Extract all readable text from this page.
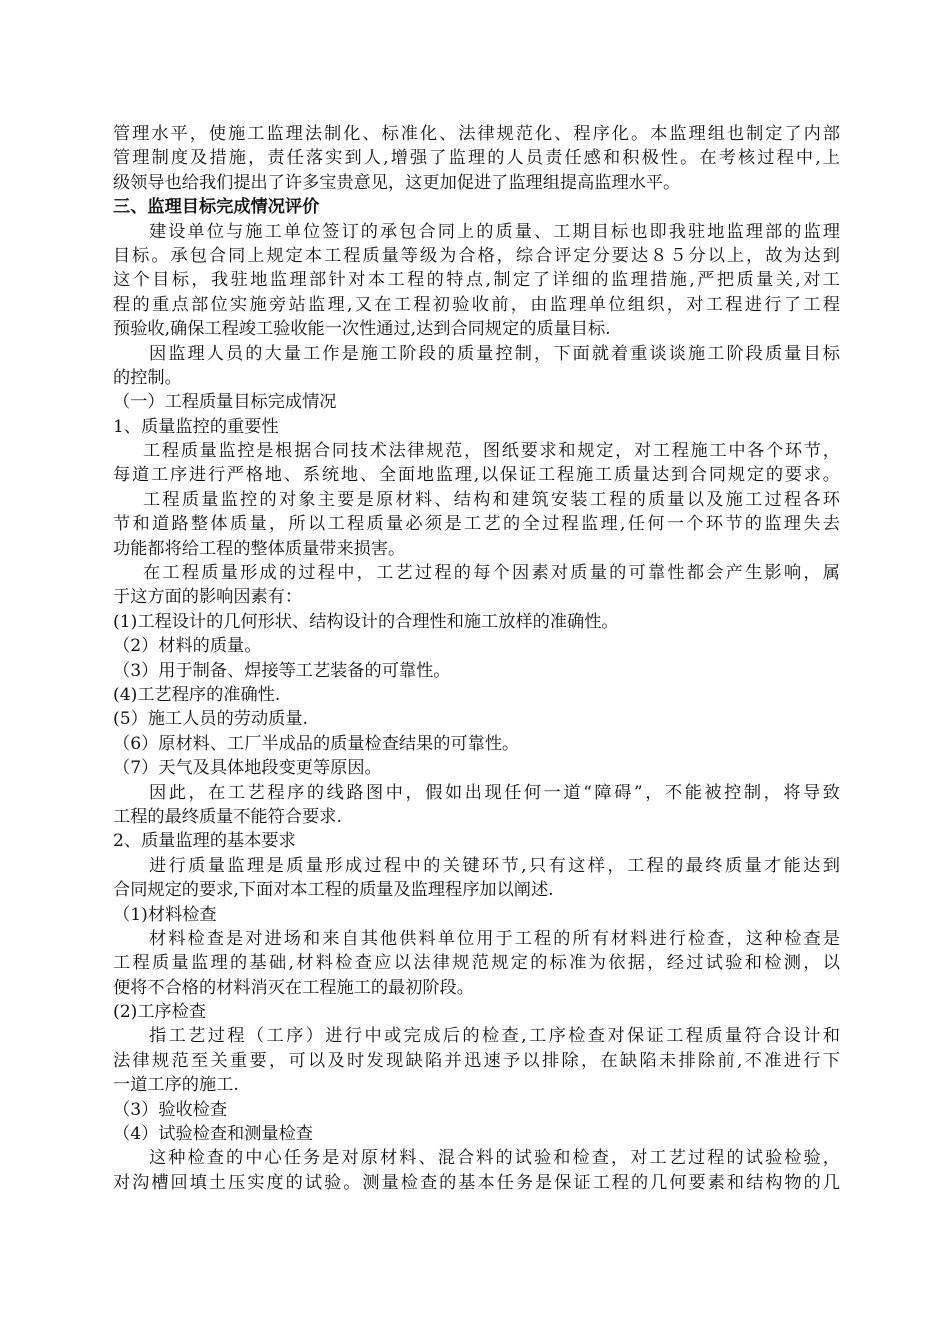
管理水平，使施工监理法制化、标准化、法律规范化、程序化。本监理组也制定了内部
管理制度及措施，责任落实到人,增强了监理的人员责任感和积极性。在考核过程中,上
级领导也给我们提出了许多宝贵意见，这更加促进了监理组提高监理水平。
三、监理目标完成情况评价
建设单位与施工单位签订的承包合同上的质量、工期目标也即我驻地监理部的监理
目标。承包合同上规定本工程质量等级为合格，综合评定分要达８５分以上，故为达到
这个目标，我驻地监理部针对本工程的特点,制定了详细的监理措施,严把质量关,对工
程的重点部位实施旁站监理,又在工程初验收前，由监理单位组织，对工程进行了工程
预验收,确保工程竣工验收能一次性通过,达到合同规定的质量目标.
因监理人员的大量工作是施工阶段的质量控制，下面就着重谈谈施工阶段质量目标
的控制。
（一）工程质量目标完成情况
1、质量监控的重要性
工程质量监控是根据合同技术法律规范，图纸要求和规定，对工程施工中各个环节，
每道工序进行严格地、系统地、全面地监理,以保证工程施工质量达到合同规定的要求。
工程质量监控的对象主要是原材料、结构和建筑安装工程的质量以及施工过程各环
节和道路整体质量，所以工程质量必须是工艺的全过程监理,任何一个环节的监理失去
功能都将给工程的整体质量带来损害。
在工程质量形成的过程中，工艺过程的每个因素对质量的可靠性都会产生影响，属
于这方面的影响因素有：
(1)工程设计的几何形状、结构设计的合理性和施工放样的准确性。
（2）材料的质量。
（3）用于制备、焊接等工艺装备的可靠性。
(4)工艺程序的准确性.
(5）施工人员的劳动质量.
（6）原材料、工厂半成品的质量检查结果的可靠性。
（7）天气及具体地段变更等原因。
因此，在工艺程序的线路图中，假如出现任何一道“障碍”，不能被控制，将导致
工程的最终质量不能符合要求.
2、质量监理的基本要求
进行质量监理是质量形成过程中的关键环节,只有这样，工程的最终质量才能达到
合同规定的要求,下面对本工程的质量及监理程序加以阐述.
（1)材料检查
材料检查是对进场和来自其他供料单位用于工程的所有材料进行检查，这种检查是
工程质量监理的基础,材料检查应以法律规范规定的标准为依据，经过试验和检测，以
便将不合格的材料消灭在工程施工的最初阶段。
(2)工序检查
指工艺过程（工序）进行中或完成后的检查,工序检查对保证工程质量符合设计和
法律规范至关重要，可以及时发现缺陷并迅速予以排除，在缺陷未排除前,不准进行下
一道工序的施工.
（3）验收检查
（4）试验检查和测量检查
这种检查的中心任务是对原材料、混合料的试验和检查，对工艺过程的试验检验，
对沟槽回填土压实度的试验。测量检查的基本任务是保证工程的几何要素和结构物的几
